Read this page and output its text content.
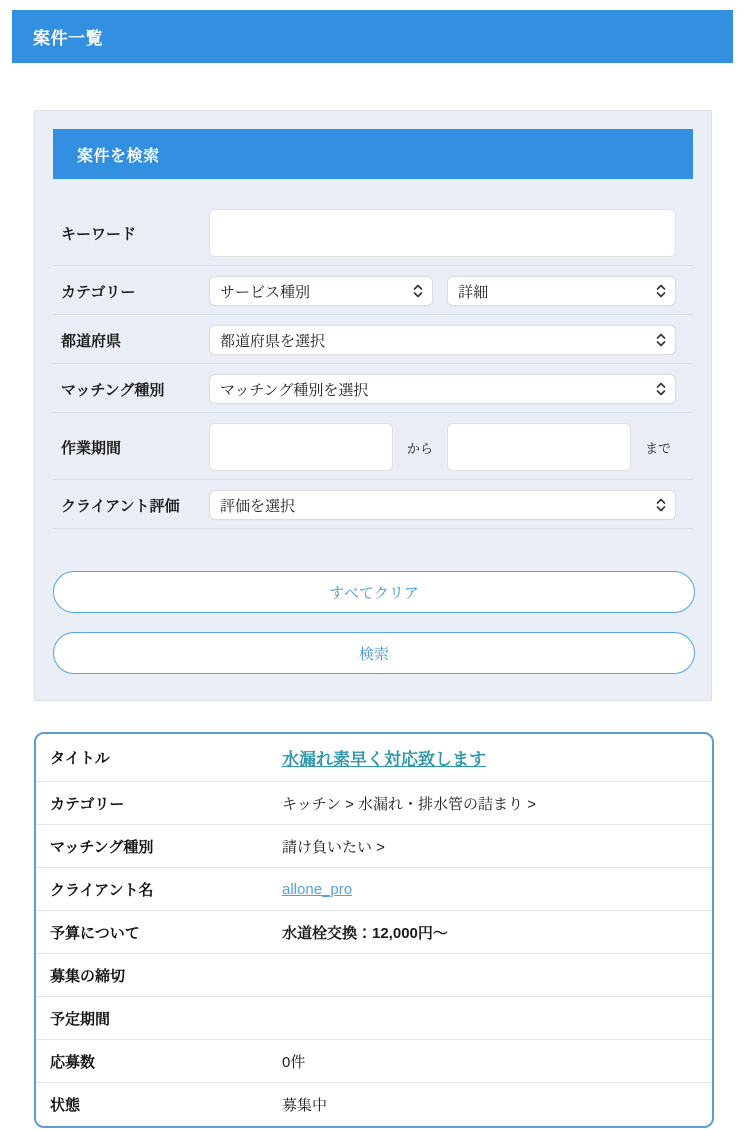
案件一覧
案件を検索
キーワード
カテゴリー	サービス種別	詳細
都道府県	都道府県を選択
マッチング種別	マッチング種別を選択
作業期間	から	まで
クライアント評価	評価を選択
すべてクリア
検索
タイトル	水漏れ素早く対応致します
カテゴリー	キッチン > 水漏れ・排水管の詰まり >
マッチング種別	請け負いたい >
クライアント名	allone_pro
予算について	水道栓交換：12,000円〜
募集の締切
予定期間
応募数	0件
状態	募集中
